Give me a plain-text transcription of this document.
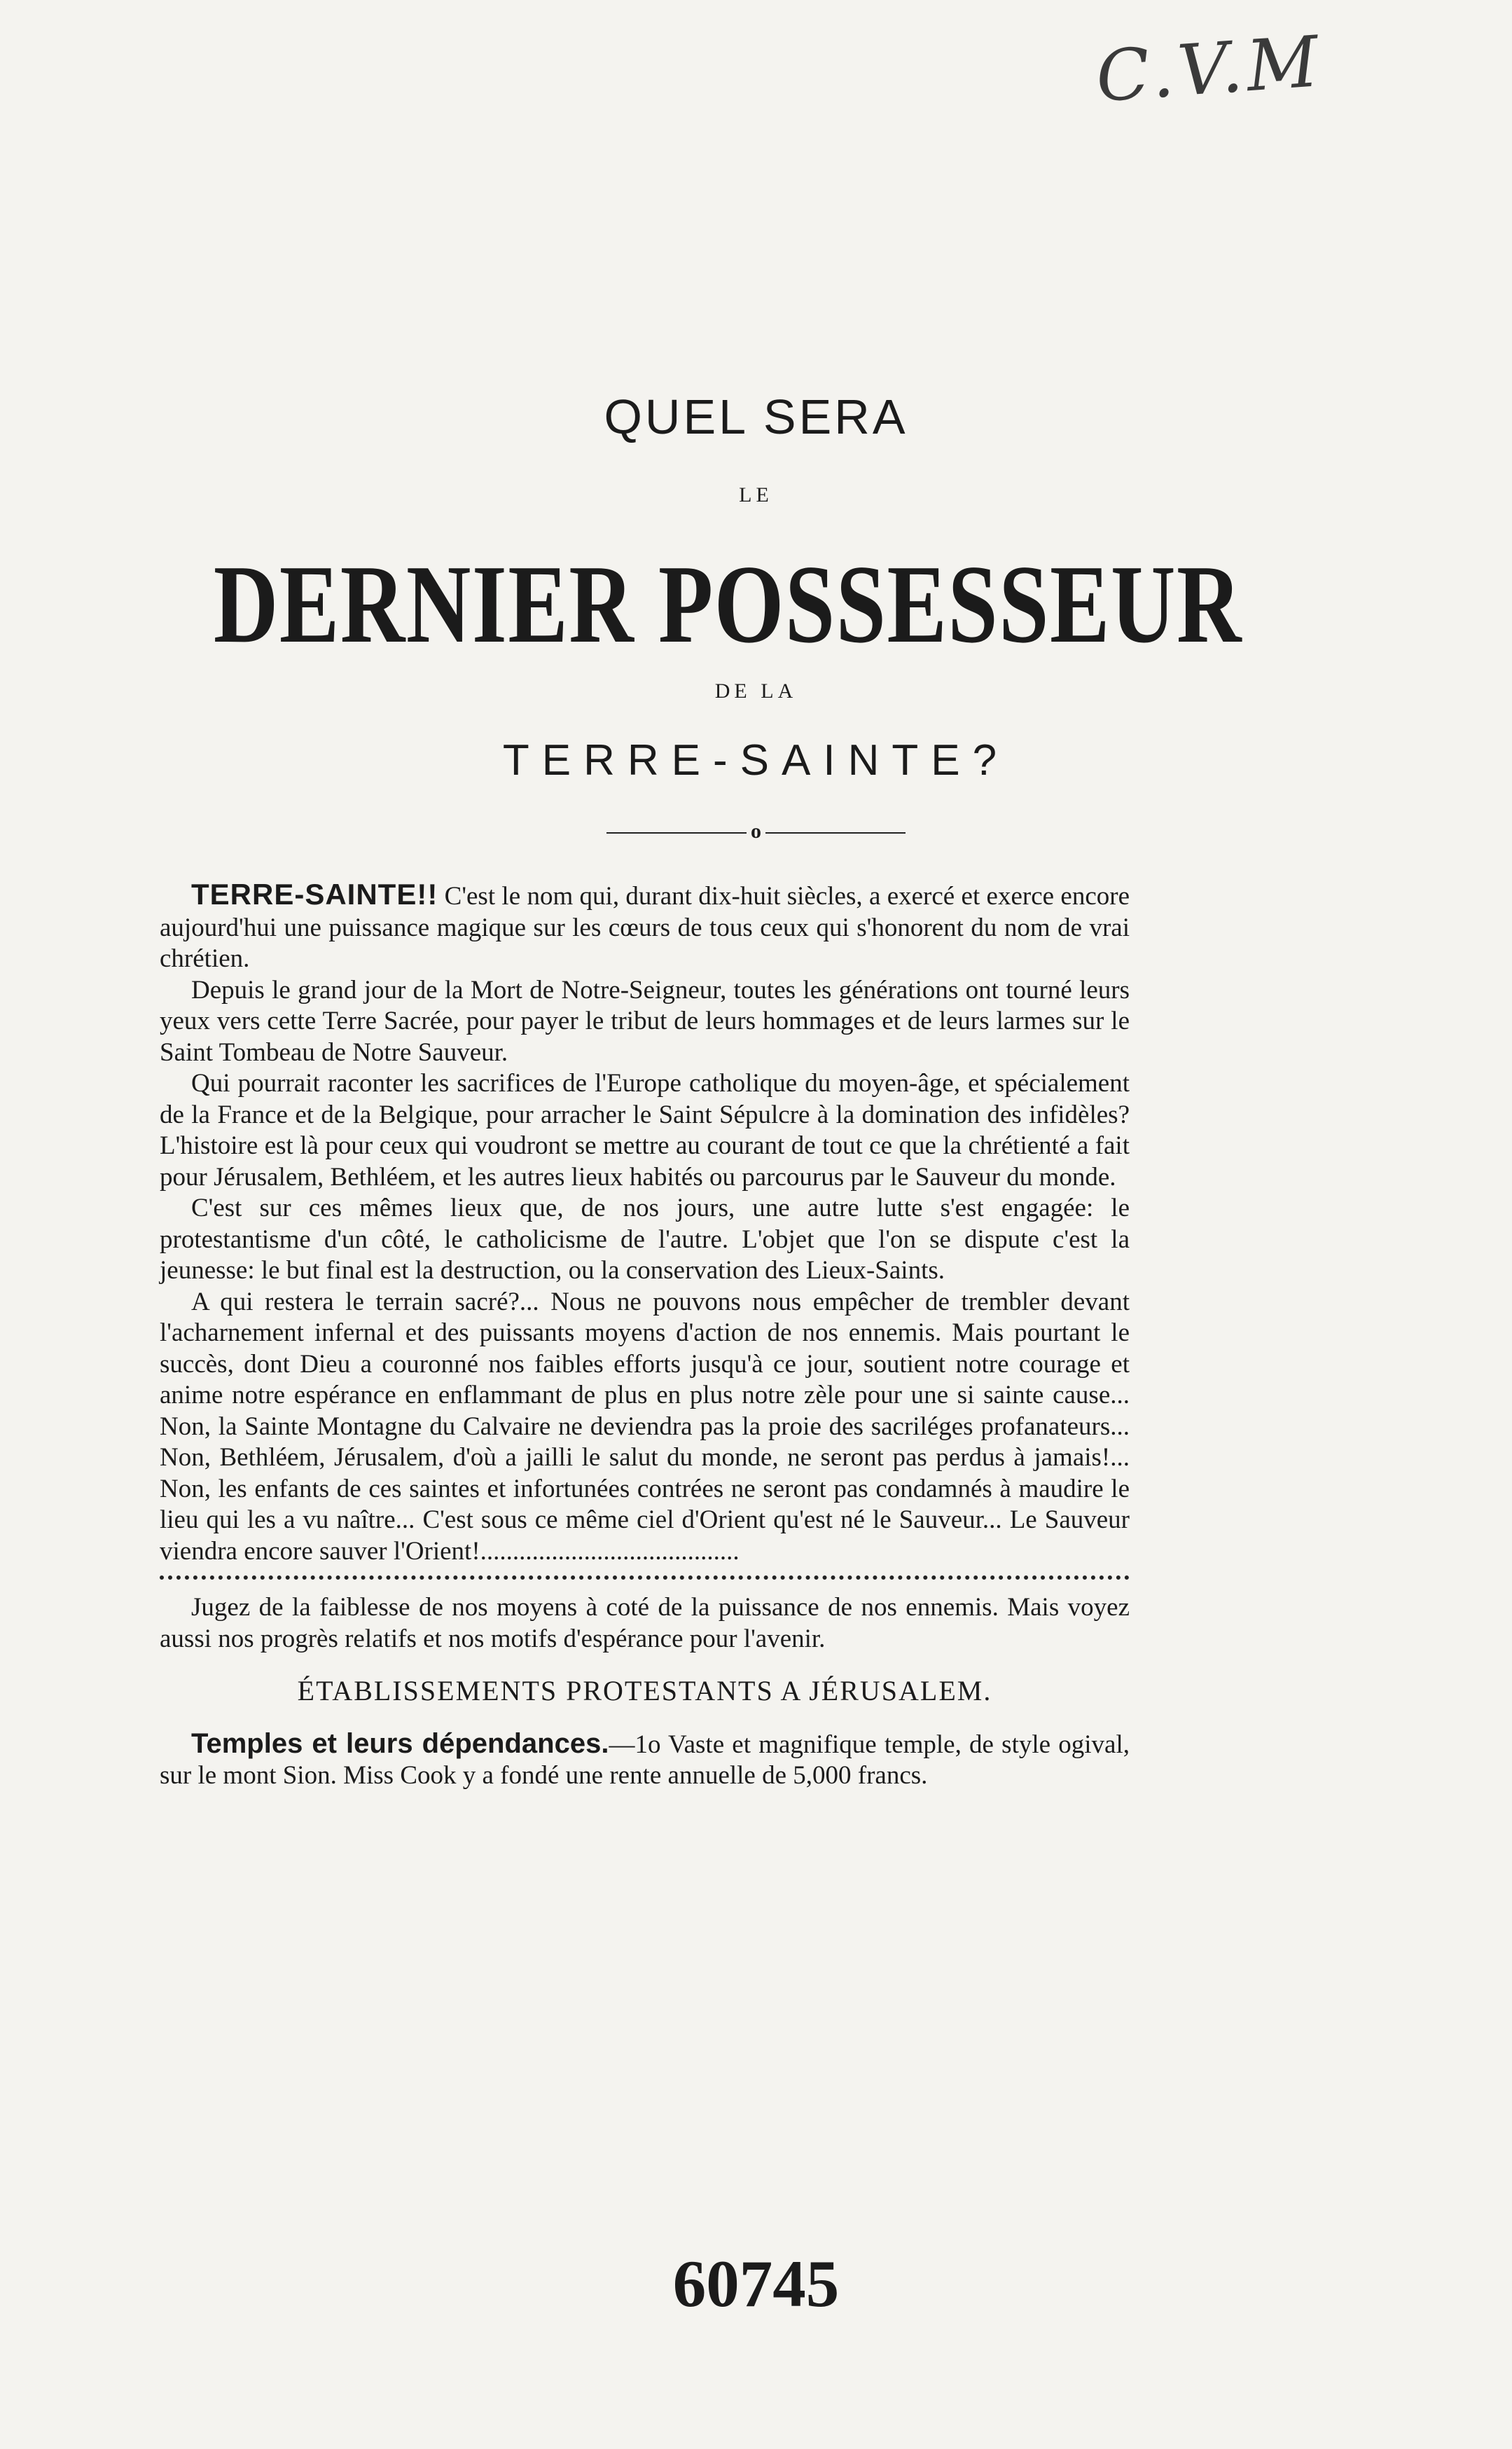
C.V.M
QUEL SERA
LE
DERNIER POSSESSEUR
DE LA
TERRE-SAINTE?
o

TERRE-SAINTE!! C'est le nom qui, durant dix-huit siècles, a exercé et exerce encore aujourd'hui une puissance magique sur les cœurs de tous ceux qui s'honorent du nom de vrai chrétien.

Depuis le grand jour de la Mort de Notre-Seigneur, toutes les générations ont tourné leurs yeux vers cette Terre Sacrée, pour payer le tribut de leurs hommages et de leurs larmes sur le Saint Tombeau de Notre Sauveur.

Qui pourrait raconter les sacrifices de l'Europe catholique du moyen-âge, et spécialement de la France et de la Belgique, pour arracher le Saint Sépulcre à la domination des infidèles? L'histoire est là pour ceux qui voudront se mettre au courant de tout ce que la chrétienté a fait pour Jérusalem, Bethléem, et les autres lieux habités ou parcourus par le Sauveur du monde.

C'est sur ces mêmes lieux que, de nos jours, une autre lutte s'est engagée: le protestantisme d'un côté, le catholicisme de l'autre. L'objet que l'on se dispute c'est la jeunesse: le but final est la destruction, ou la conservation des Lieux-Saints.

A qui restera le terrain sacré?... Nous ne pouvons nous empêcher de trembler devant l'acharnement infernal et des puissants moyens d'action de nos ennemis. Mais pourtant le succès, dont Dieu a couronné nos faibles efforts jusqu'à ce jour, soutient notre courage et anime notre espérance en enflammant de plus en plus notre zèle pour une si sainte cause... Non, la Sainte Montagne du Calvaire ne deviendra pas la proie des sacriléges profanateurs... Non, Bethléem, Jérusalem, d'où a jailli le salut du monde, ne seront pas perdus à jamais!... Non, les enfants de ces saintes et infortunées contrées ne seront pas condamnés à maudire le lieu qui les a vu naître... C'est sous ce même ciel d'Orient qu'est né le Sauveur... Le Sauveur viendra encore sauver l'Orient!........................................

Jugez de la faiblesse de nos moyens à coté de la puissance de nos ennemis. Mais voyez aussi nos progrès relatifs et nos motifs d'espérance pour l'avenir.

ÉTABLISSEMENTS PROTESTANTS A JÉRUSALEM.

Temples et leurs dépendances.—1o Vaste et magnifique temple, de style ogival, sur le mont Sion. Miss Cook y a fondé une rente annuelle de 5,000 francs.

60745
